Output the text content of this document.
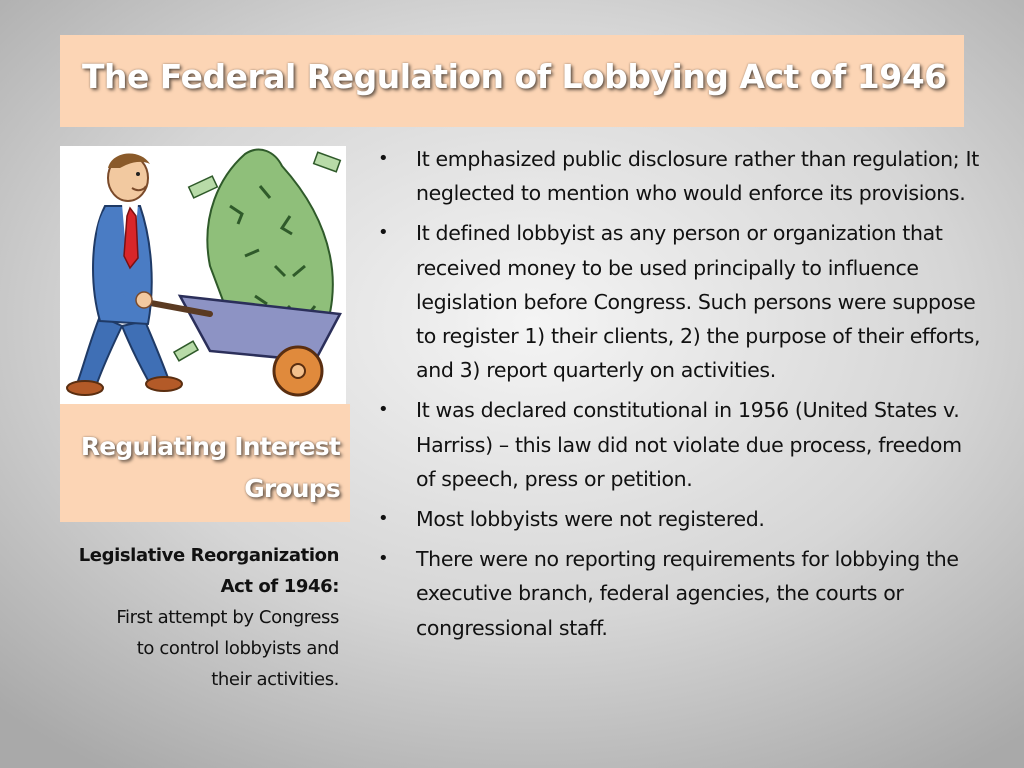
The Federal Regulation of Lobbying Act of 1946
Regulating Interest
Groups
Legislative Reorganization
Act of 1946:
First attempt by Congress
to control lobbyists and
their activities.
• It emphasized public disclosure rather than regulation; It neglected to mention who would enforce its provisions.
• It defined lobbyist as any person or organization that received money to be used principally to influence legislation before Congress. Such persons were suppose to register 1) their clients, 2) the purpose of their efforts, and 3) report quarterly on activities.
• It was declared constitutional in 1956 (United States v. Harriss) – this law did not violate due process, freedom of speech, press or petition.
• Most lobbyists were not registered.
• There were no reporting requirements for lobbying the executive branch, federal agencies, the courts or congressional staff.
